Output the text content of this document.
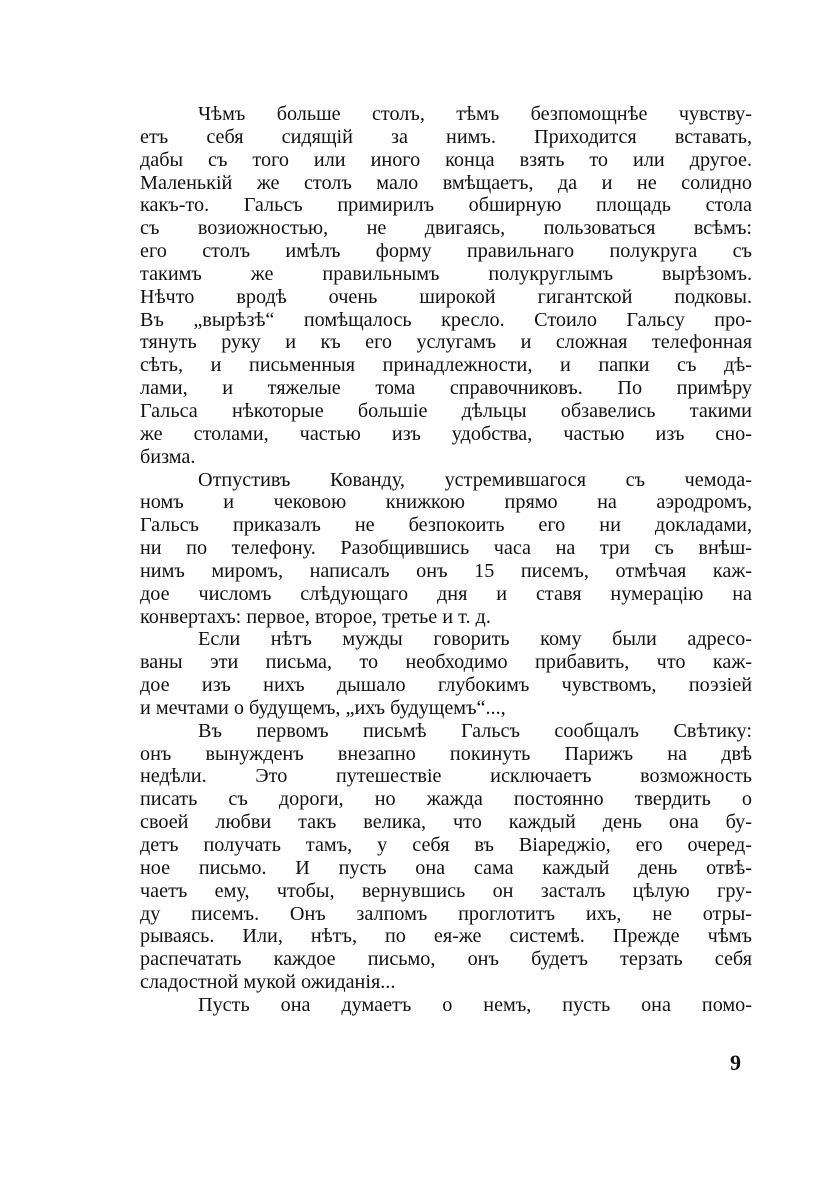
Чѣмъ больше столъ, тѣмъ безпомощнѣе чувству-
етъ себя сидящій за нимъ. Приходится вставать,
дабы съ того или иного конца взять то или другое.
Маленькій же столъ мало вмѣщаетъ, да и не солидно
какъ-то. Гальсъ примирилъ обширную площадь стола
съ возиожностью, не двигаясь, пользоваться всѣмъ:
его столъ имѣлъ форму правильнаго полукруга съ
такимъ же правильнымъ полукруглымъ вырѣзомъ.
Нѣчто вродѣ очень широкой гигантской подковы.
Въ „вырѣзѣ“ помѣщалось кресло. Стоило Гальсу про-
тянуть руку и къ его услугамъ и сложная телефонная
сѣть, и письменныя принадлежности, и папки съ дѣ-
лами, и тяжелые тома справочниковъ. По примѣру
Гальса нѣкоторые большіе дѣльцы обзавелись такими
же столами, частью изъ удобства, частью изъ сно-
бизма.
Отпустивъ Кованду, устремившагося съ чемода-
номъ и чековою книжкою прямо на аэродромъ,
Гальсъ приказалъ не безпокоить его ни докладами,
ни по телефону. Разобщившись часа на три съ внѣш-
нимъ миромъ, написалъ онъ 15 писемъ, отмѣчая каж-
дое числомъ слѣдующаго дня и ставя нумерацію на
конвертахъ: первое, второе, третье и т. д.
Если нѣтъ мужды говорить кому были адресо-
ваны эти письма, то необходимо прибавить, что каж-
дое изъ нихъ дышало глубокимъ чувствомъ, поэзіей
и мечтами о будущемъ, „ихъ будущемъ“...,
Въ первомъ письмѣ Гальсъ сообщалъ Свѣтику:
онъ вынужденъ внезапно покинуть Парижъ на двѣ
недѣли. Это путешествіе исключаетъ возможность
писать съ дороги, но жажда постоянно твердить о
своей любви такъ велика, что каждый день она бу-
детъ получать тамъ, у себя въ Віареджіо, его очеред-
ное письмо. И пусть она сама каждый день отвѣ-
чаетъ ему, чтобы, вернувшись он засталъ цѣлую гру-
ду писемъ. Онъ залпомъ проглотитъ ихъ, не отры-
рываясь. Или, нѣтъ, по ея-же системѣ. Прежде чѣмъ
распечатать каждое письмо, онъ будетъ терзать себя
сладостной мукой ожиданія...
Пусть она думаетъ о немъ, пусть она помо-
9
